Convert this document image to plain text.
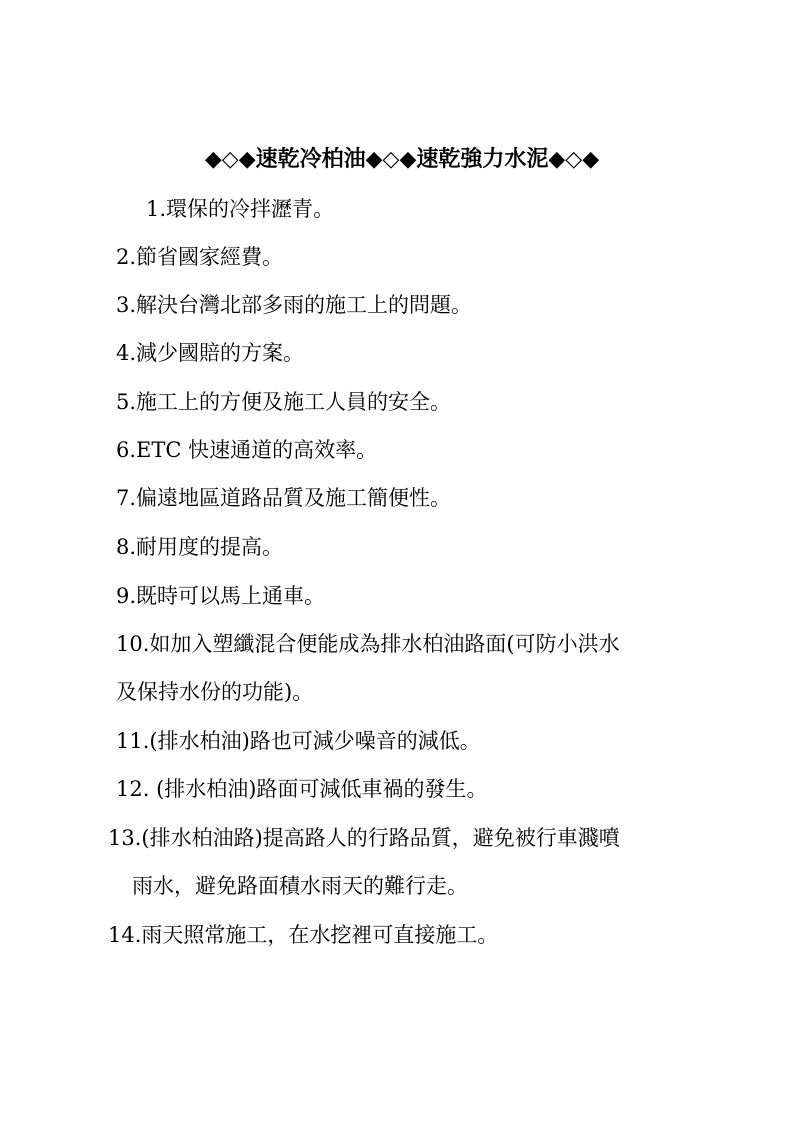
◆◇◆速乾冷柏油◆◇◆速乾強力水泥◆◇◆
1.環保的冷拌瀝青。
2.節省國家經費。
3.解決台灣北部多雨的施工上的問題。
4.減少國賠的方案。
5.施工上的方便及施工人員的安全。
6.ETC 快速通道的高效率。
7.偏遠地區道路品質及施工簡便性。
8.耐用度的提高。
9.既時可以馬上通車。
10.如加入塑纖混合便能成為排水柏油路面(可防小洪水
及保持水份的功能)。
11.(排水柏油)路也可減少噪音的減低。
12. (排水柏油)路面可減低車禍的發生。
13.(排水柏油路)提高路人的行路品質，避免被行車濺噴
雨水，避免路面積水雨天的難行走。
14.雨天照常施工，在水挖裡可直接施工。
